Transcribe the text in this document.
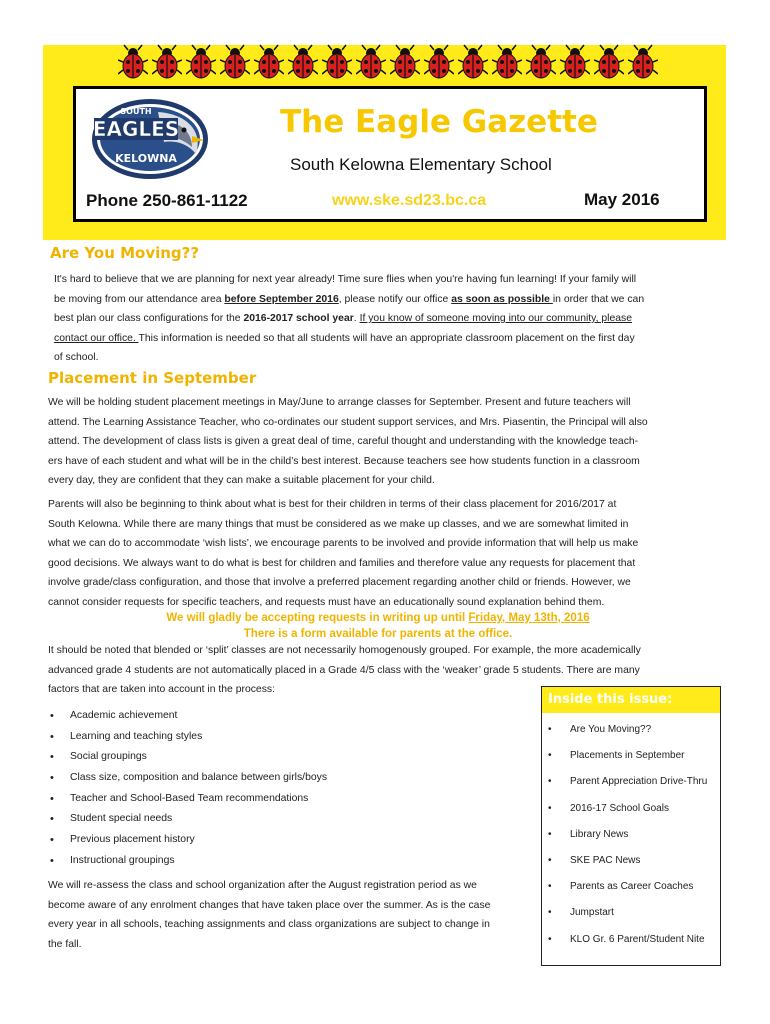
EAGLES
SOUTH
KELOWNA
The Eagle Gazette
South Kelowna Elementary School
Phone 250-861-1122	www.ske.sd23.bc.ca	May 2016
Are You Moving??
It's hard to believe that we are planning for next year already! Time sure flies when you're having fun learning! If your family will
be moving from our attendance area before September 2016, please notify our office as soon as possible in order that we can
best plan our class configurations for the 2016-2017 school year. If you know of someone moving into our community, please
contact our office. This information is needed so that all students will have an appropriate classroom placement on the first day
of school.
Placement in September
We will be holding student placement meetings in May/June to arrange classes for September. Present and future teachers will
attend. The Learning Assistance Teacher, who co-ordinates our student support services, and Mrs. Piasentin, the Principal will also
attend. The development of class lists is given a great deal of time, careful thought and understanding with the knowledge teach-
ers have of each student and what will be in the child’s best interest. Because teachers see how students function in a classroom
every day, they are confident that they can make a suitable placement for your child.
Parents will also be beginning to think about what is best for their children in terms of their class placement for 2016/2017 at
South Kelowna. While there are many things that must be considered as we make up classes, and we are somewhat limited in
what we can do to accommodate ‘wish lists’, we encourage parents to be involved and provide information that will help us make
good decisions. We always want to do what is best for children and families and therefore value any requests for placement that
involve grade/class configuration, and those that involve a preferred placement regarding another child or friends. However, we
cannot consider requests for specific teachers, and requests must have an educationally sound explanation behind them.
We will gladly be accepting requests in writing up until Friday, May 13th, 2016
There is a form available for parents at the office.
It should be noted that blended or ‘split’ classes are not necessarily homogenously grouped. For example, the more academically
advanced grade 4 students are not automatically placed in a Grade 4/5 class with the ‘weaker’ grade 5 students. There are many
factors that are taken into account in the process:
• Academic achievement
• Learning and teaching styles
• Social groupings
• Class size, composition and balance between girls/boys
• Teacher and School-Based Team recommendations
• Student special needs
• Previous placement history
• Instructional groupings
We will re-assess the class and school organization after the August registration period as we
become aware of any enrolment changes that have taken place over the summer. As is the case
every year in all schools, teaching assignments and class organizations are subject to change in
the fall.
Inside this issue:
• Are You Moving??
• Placements in September
• Parent Appreciation Drive-Thru
• 2016-17 School Goals
• Library News
• SKE PAC News
• Parents as Career Coaches
• Jumpstart
• KLO Gr. 6 Parent/Student Nite
